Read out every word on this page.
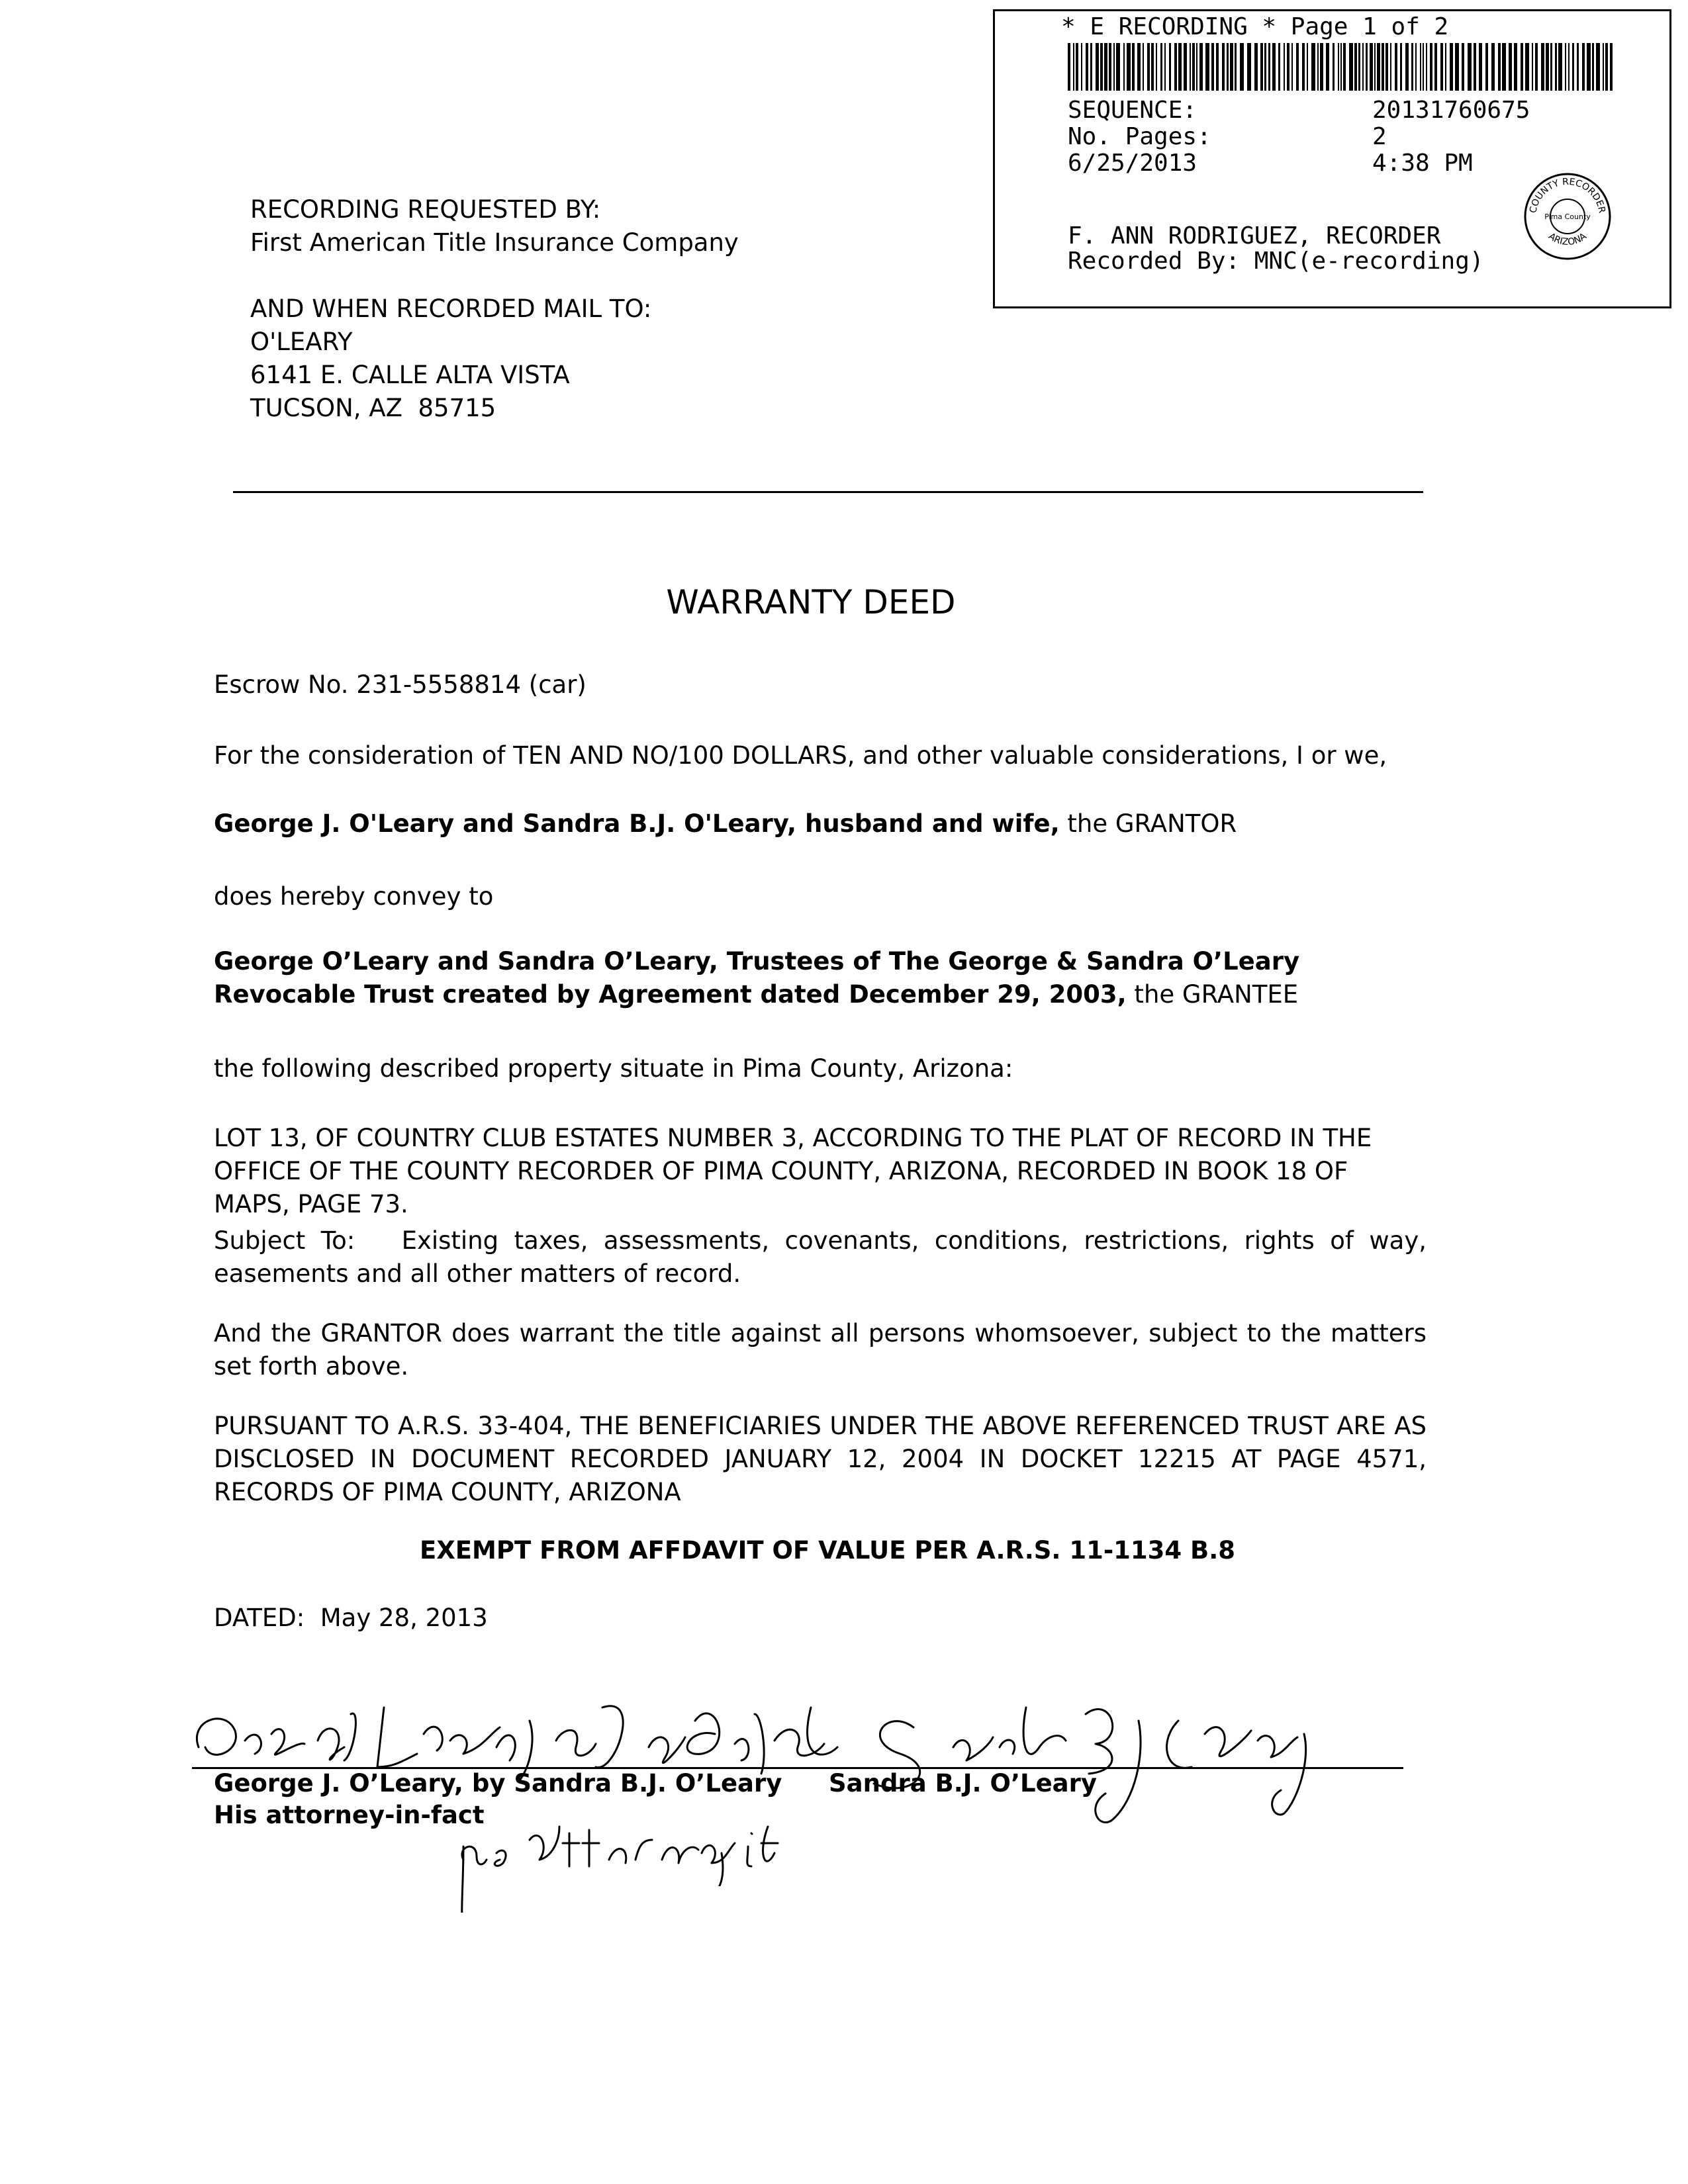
* E RECORDING * Page 1 of 2
SEQUENCE:	20131760675
No. Pages:	2
6/25/2013	4:38 PM
F. ANN RODRIGUEZ, RECORDER
Recorded By: MNC(e-recording)
COUNTY RECORDER
ARIZONA
Pima County

RECORDING REQUESTED BY:

First American Title Insurance Company

AND WHEN RECORDED MAIL TO:

O'LEARY

6141 E. CALLE ALTA VISTA

TUCSON, AZ  85715

WARRANTY DEED

Escrow No. 231-5558814 (car)

For the consideration of TEN AND NO/100 DOLLARS, and other valuable considerations, I or we,

George J. O'Leary and Sandra B.J. O'Leary, husband and wife, the GRANTOR

does hereby convey to

George O’Leary and Sandra O’Leary, Trustees of The George & Sandra O’Leary Revocable Trust created by Agreement dated December 29, 2003, the GRANTEE

the following described property situate in Pima County, Arizona:

LOT 13, OF COUNTRY CLUB ESTATES NUMBER 3, ACCORDING TO THE PLAT OF RECORD IN THE OFFICE OF THE COUNTY RECORDER OF PIMA COUNTY, ARIZONA, RECORDED IN BOOK 18 OF MAPS, PAGE 73.

Subject To:   Existing taxes, assessments, covenants, conditions, restrictions, rights of way, easements and all other matters of record.

And the GRANTOR does warrant the title against all persons whomsoever, subject to the matters set forth above.

PURSUANT TO A.R.S. 33-404, THE BENEFICIARIES UNDER THE ABOVE REFERENCED TRUST ARE AS DISCLOSED IN DOCUMENT RECORDED JANUARY 12, 2004 IN DOCKET 12215 AT PAGE 4571, RECORDS OF PIMA COUNTY, ARIZONA

EXEMPT FROM AFFDAVIT OF VALUE PER A.R.S. 11-1134 B.8

DATED:  May 28, 2013

George J. O’Leary, by Sandra B.J. O’Leary
His attorney-in-fact
Sandra B.J. O’Leary
